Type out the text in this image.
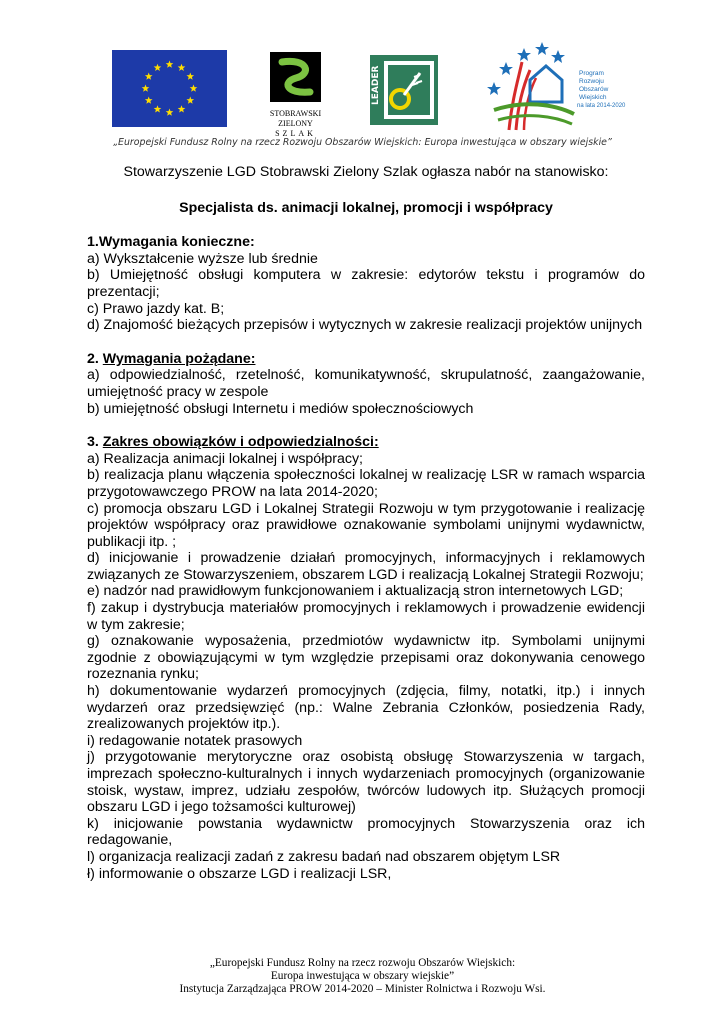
STOBRAWSKI
ZIELONY
SZLAK
LEADER	Program
Rozwoju
Obszarów
Wiejskich
na lata 2014-2020
„Europejski Fundusz Rolny na rzecz Rozwoju Obszarów Wiejskich: Europa inwestująca w obszary wiejskie”
Stowarzyszenie LGD Stobrawski Zielony Szlak ogłasza nabór na stanowisko:
Specjalista ds. animacji lokalnej, promocji i współpracy
1.Wymagania konieczne:
a) Wykształcenie wyższe lub średnie
b) Umiejętność obsługi komputera w zakresie: edytorów tekstu i programów do prezentacji;
c) Prawo jazdy kat. B;
d) Znajomość bieżących przepisów i wytycznych w zakresie realizacji projektów unijnych
2. Wymagania pożądane:
a) odpowiedzialność, rzetelność, komunikatywność, skrupulatność, zaangażowanie, umiejętność pracy w zespole
b) umiejętność obsługi Internetu i mediów społecznościowych
3. Zakres obowiązków i odpowiedzialności:
a) Realizacja animacji lokalnej i współpracy;
b) realizacja planu włączenia społeczności lokalnej w realizację LSR w ramach wsparcia przygotowawczego PROW na lata 2014-2020;
c) promocja obszaru LGD i Lokalnej Strategii Rozwoju w tym przygotowanie i realizację projektów współpracy oraz prawidłowe oznakowanie symbolami unijnymi wydawnictw, publikacji itp. ;
d) inicjowanie i prowadzenie działań promocyjnych, informacyjnych i reklamowych związanych ze Stowarzyszeniem, obszarem LGD i realizacją Lokalnej Strategii Rozwoju;
e) nadzór nad prawidłowym funkcjonowaniem i aktualizacją stron internetowych LGD;
f) zakup i dystrybucja materiałów promocyjnych i reklamowych i prowadzenie ewidencji w tym zakresie;
g) oznakowanie wyposażenia, przedmiotów wydawnictw itp. Symbolami unijnymi zgodnie z obowiązującymi w tym względzie przepisami oraz dokonywania cenowego rozeznania rynku;
h) dokumentowanie wydarzeń promocyjnych (zdjęcia, filmy, notatki, itp.) i innych wydarzeń oraz przedsięwzięć (np.: Walne Zebrania Członków, posiedzenia Rady, zrealizowanych projektów itp.).
i) redagowanie notatek prasowych
j) przygotowanie merytoryczne oraz osobistą obsługę Stowarzyszenia w targach, imprezach społeczno-kulturalnych i innych wydarzeniach promocyjnych (organizowanie stoisk, wystaw, imprez, udziału zespołów, twórców ludowych itp. Służących promocji obszaru LGD i jego tożsamości kulturowej)
k) inicjowanie powstania wydawnictw promocyjnych Stowarzyszenia oraz ich redagowanie,
l) organizacja realizacji zadań z zakresu badań nad obszarem objętym LSR
ł) informowanie o obszarze LGD i realizacji LSR,
„Europejski Fundusz Rolny na rzecz rozwoju Obszarów Wiejskich:
Europa inwestująca w obszary wiejskie”
Instytucja Zarządzająca PROW 2014-2020 – Minister Rolnictwa i Rozwoju Wsi.
